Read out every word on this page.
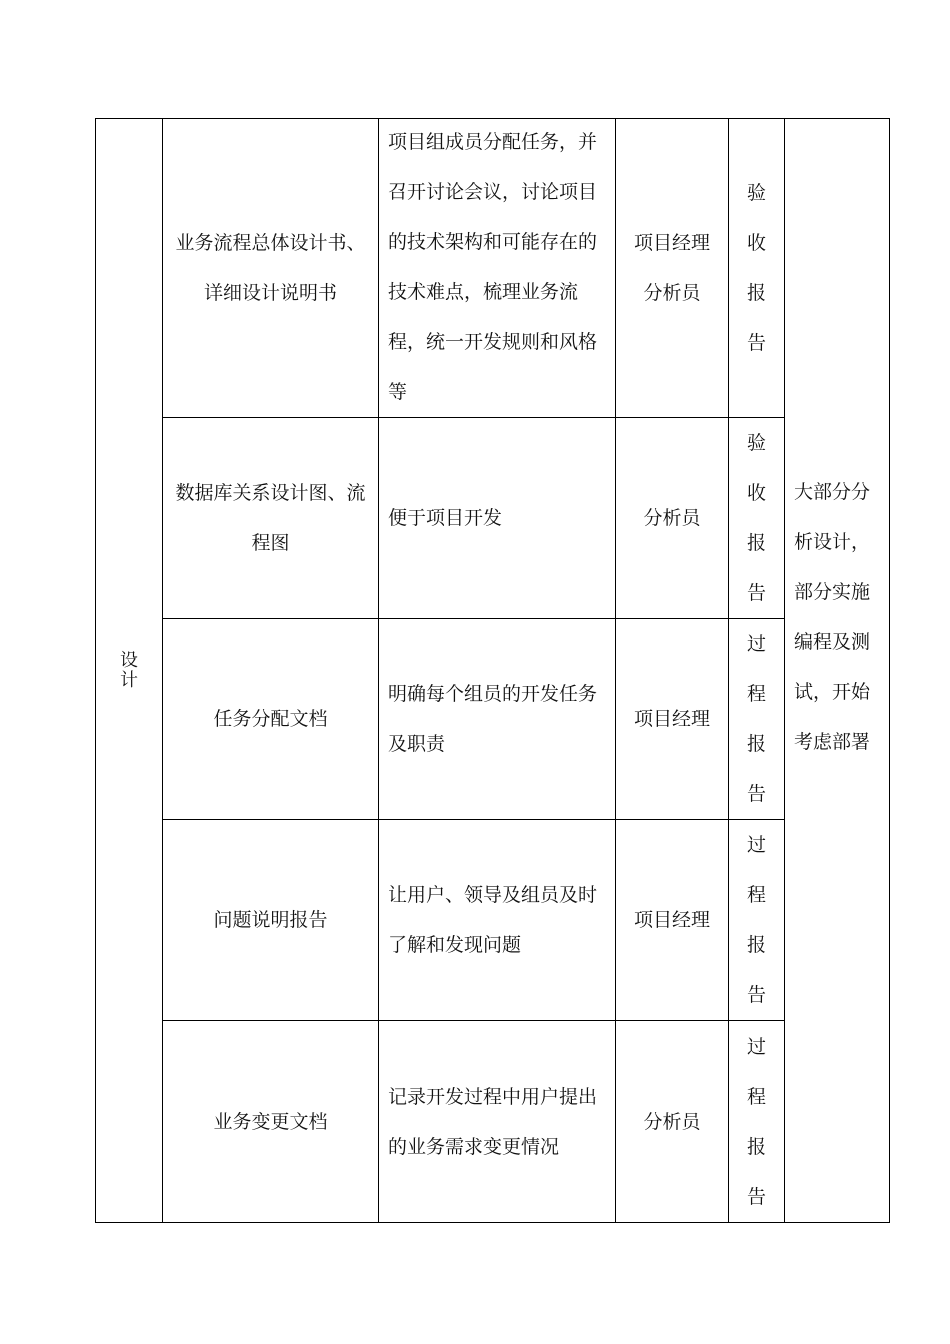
设计	业务流程总体设计书、详细设计说明书	项目组成员分配任务，并召开讨论会议，讨论项目的技术架构和可能存在的技术难点，梳理业务流程，统一开发规则和风格等	项目经理 分析员	验收报告	大部分分析设计，部分实施编程及测试，开始考虑部署

	数据库关系设计图、流程图	便于项目开发	分析员	验收报告	

	任务分配文档	明确每个组员的开发任务及职责	项目经理	过程报告	

	问题说明报告	让用户、领导及组员及时了解和发现问题	项目经理	过程报告	

	业务变更文档	记录开发过程中用户提出的业务需求变更情况	分析员	过程报告	
